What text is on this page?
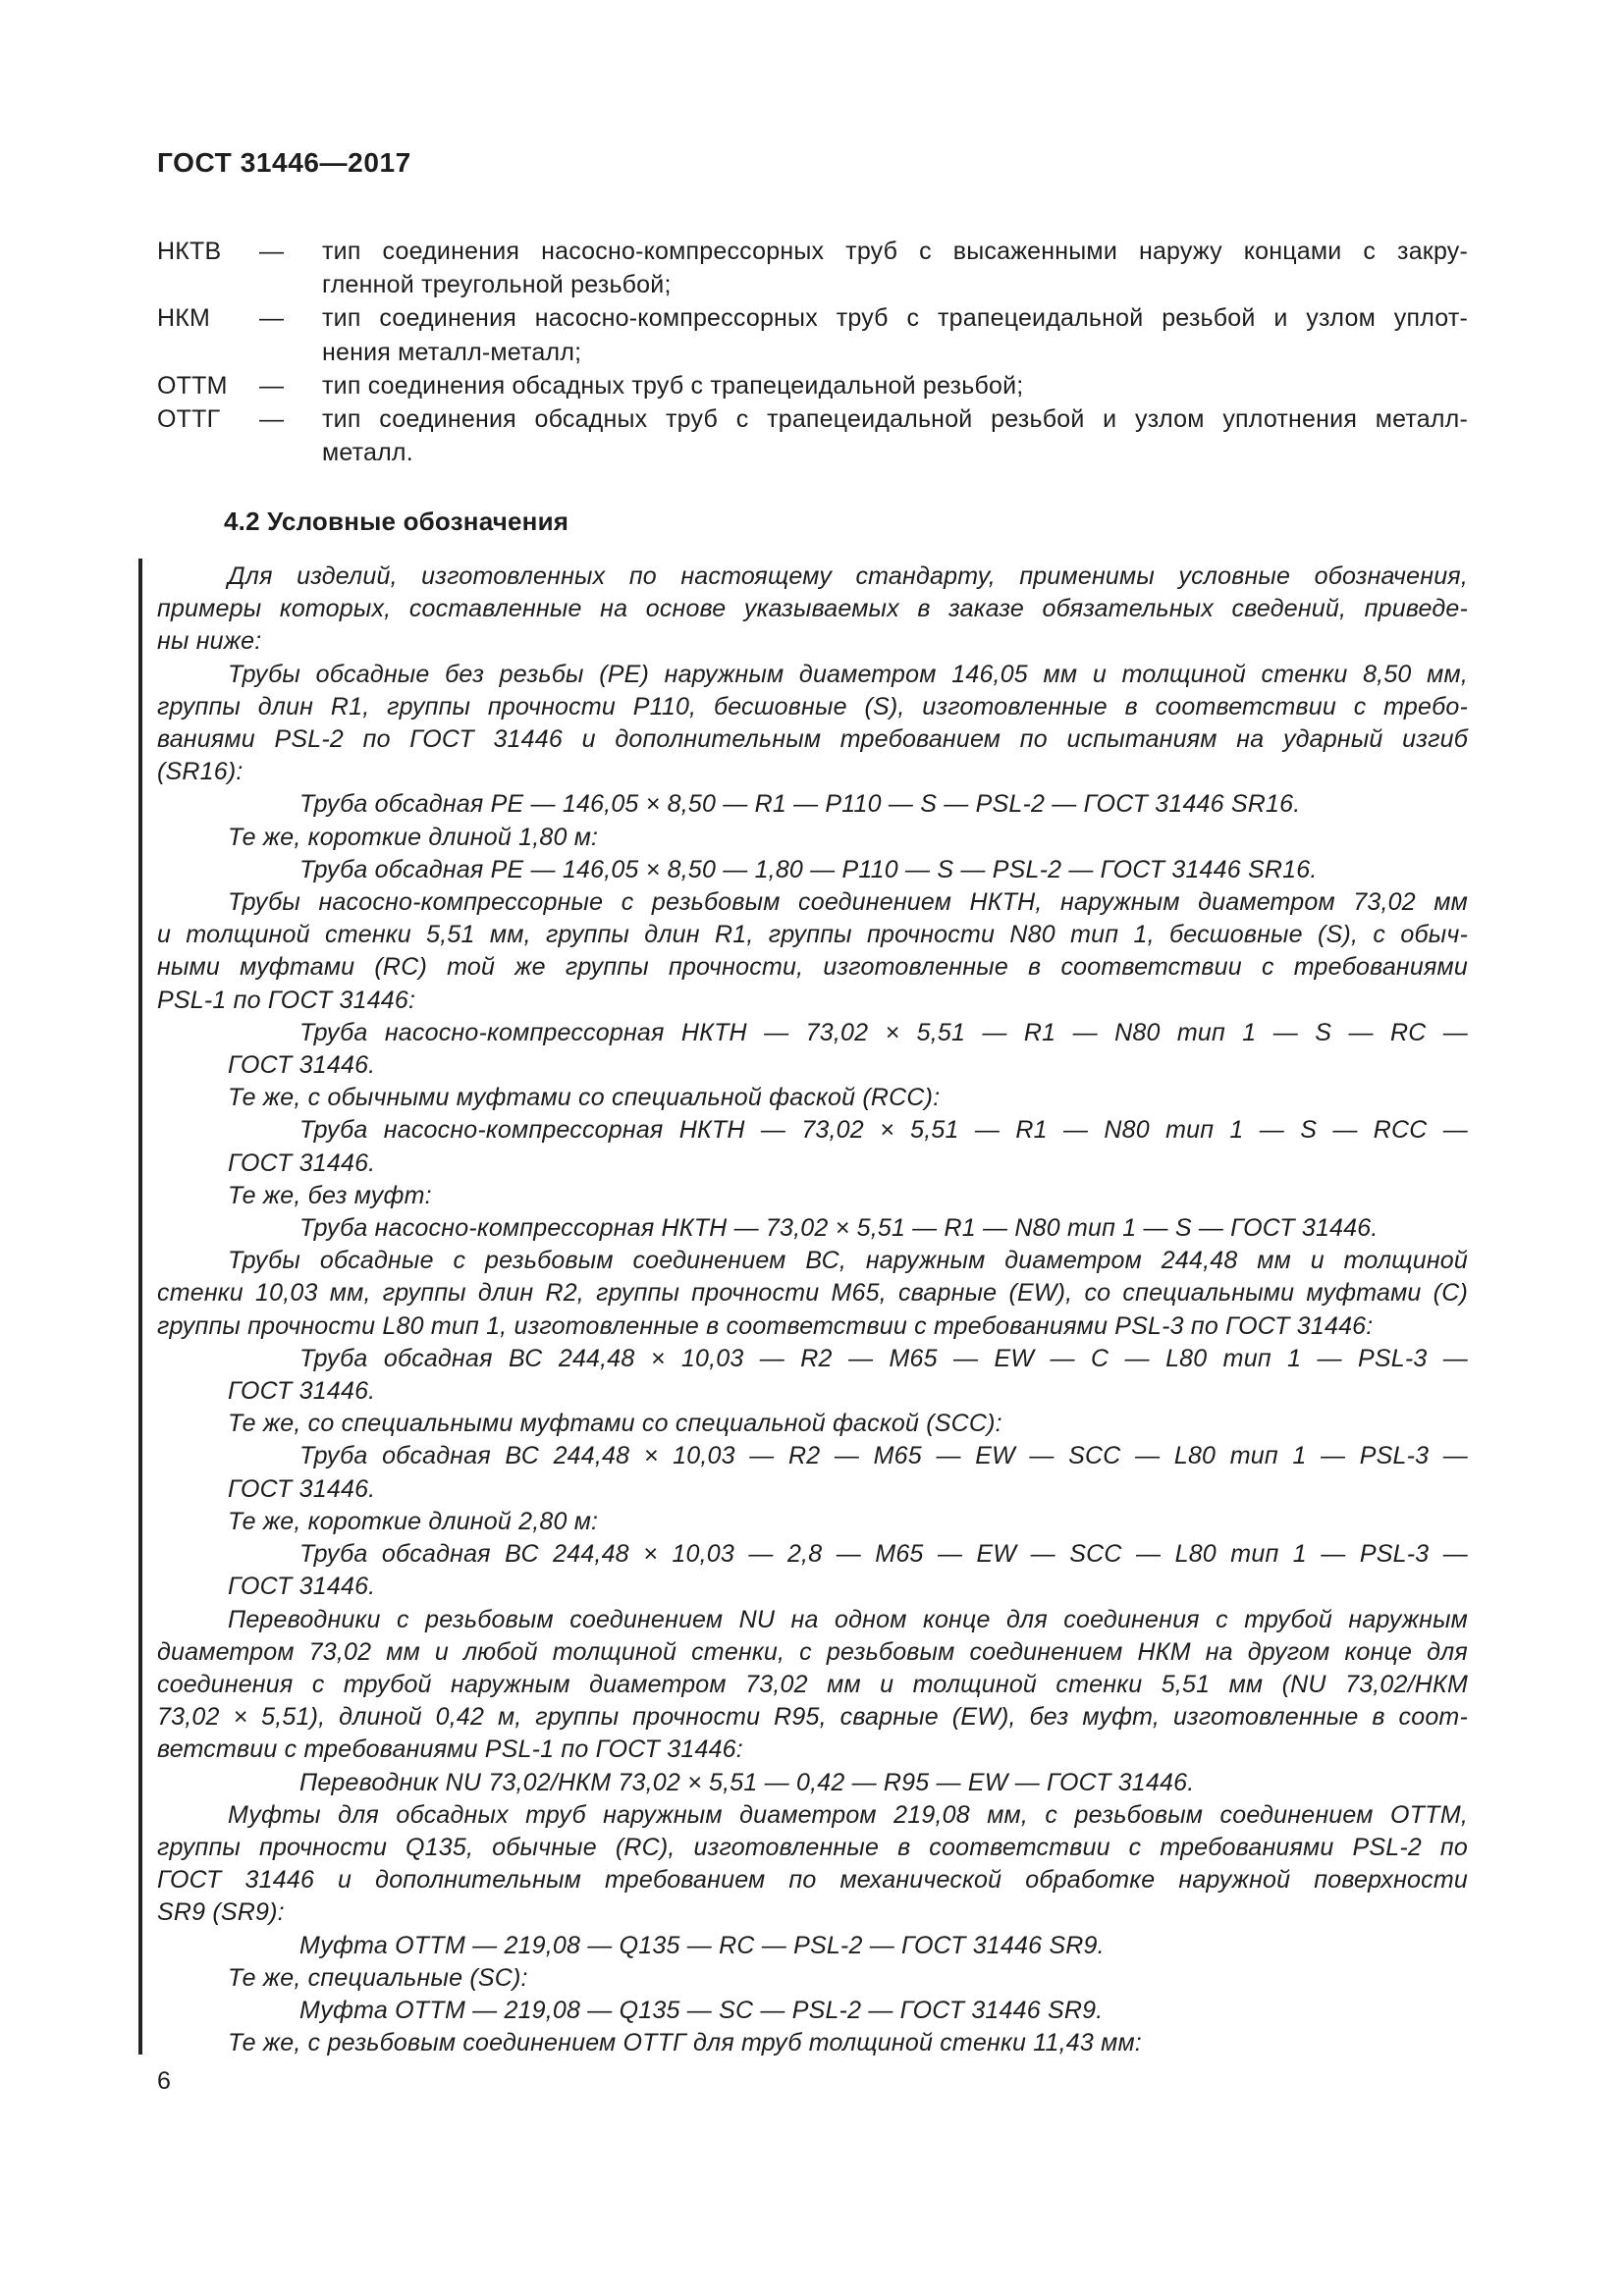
ГОСТ 31446—2017
НКТВ	—	тип соединения насосно-компрессорных труб с высаженными наружу концами с закру-
гленной треугольной резьбой;
НКМ	—	тип соединения насосно-компрессорных труб с трапецеидальной резьбой и узлом уплот-
нения металл-металл;
ОТТМ	—	тип соединения обсадных труб с трапецеидальной резьбой;
ОТТГ	—	тип соединения обсадных труб с трапецеидальной резьбой и узлом уплотнения металл-
металл.
4.2 Условные обозначения
Для изделий, изготовленных по настоящему стандарту, применимы условные обозначения,
примеры которых, составленные на основе указываемых в заказе обязательных сведений, приведе-
ны ниже:
Трубы обсадные без резьбы (PE) наружным диаметром 146,05 мм и толщиной стенки 8,50 мм,
группы длин R1, группы прочности P110, бесшовные (S), изготовленные в соответствии с требо-
ваниями PSL-2 по ГОСТ 31446 и дополнительным требованием по испытаниям на ударный изгиб
(SR16):
Труба обсадная PE — 146,05 × 8,50 — R1 — P110 — S — PSL-2 — ГОСТ 31446 SR16.
Те же, короткие длиной 1,80 м:
Труба обсадная PE — 146,05 × 8,50 — 1,80 — P110 — S — PSL-2 — ГОСТ 31446 SR16.
Трубы насосно-компрессорные с резьбовым соединением НКТН, наружным диаметром 73,02 мм
и толщиной стенки 5,51 мм, группы длин R1, группы прочности N80 тип 1, бесшовные (S), с обыч-
ными муфтами (RC) той же группы прочности, изготовленные в соответствии с требованиями
PSL-1 по ГОСТ 31446:
Труба насосно-компрессорная НКТН — 73,02 × 5,51 — R1 — N80 тип 1 — S — RC —
ГОСТ 31446.
Те же, с обычными муфтами со специальной фаской (RCC):
Труба насосно-компрессорная НКТН — 73,02 × 5,51 — R1 — N80 тип 1 — S — RCC —
ГОСТ 31446.
Те же, без муфт:
Труба насосно-компрессорная НКТН — 73,02 × 5,51 — R1 — N80 тип 1 — S — ГОСТ 31446.
Трубы обсадные с резьбовым соединением ВС, наружным диаметром 244,48 мм и толщиной
стенки 10,03 мм, группы длин R2, группы прочности М65, сварные (EW), со специальными муфтами (С)
группы прочности L80 тип 1, изготовленные в соответствии с требованиями PSL-3 по ГОСТ 31446:
Труба обсадная ВС 244,48 × 10,03 — R2 — М65 — EW — С — L80 тип 1 — PSL-3 —
ГОСТ 31446.
Те же, со специальными муфтами со специальной фаской (SCC):
Труба обсадная ВС 244,48 × 10,03 — R2 — М65 — EW — SCC — L80 тип 1 — PSL-3 —
ГОСТ 31446.
Те же, короткие длиной 2,80 м:
Труба обсадная ВС 244,48 × 10,03 — 2,8 — М65 — EW — SCC — L80 тип 1 — PSL-3 —
ГОСТ 31446.
Переводники с резьбовым соединением NU на одном конце для соединения с трубой наружным
диаметром 73,02 мм и любой толщиной стенки, с резьбовым соединением НКМ на другом конце для
соединения с трубой наружным диаметром 73,02 мм и толщиной стенки 5,51 мм (NU 73,02/НКМ
73,02 × 5,51), длиной 0,42 м, группы прочности R95, сварные (EW), без муфт, изготовленные в соот-
ветствии с требованиями PSL-1 по ГОСТ 31446:
Переводник NU 73,02/НКМ 73,02 × 5,51 — 0,42 — R95 — EW — ГОСТ 31446.
Муфты для обсадных труб наружным диаметром 219,08 мм, с резьбовым соединением ОТТМ,
группы прочности Q135, обычные (RC), изготовленные в соответствии с требованиями PSL-2 по
ГОСТ 31446 и дополнительным требованием по механической обработке наружной поверхности
SR9 (SR9):
Муфта ОТТМ — 219,08 — Q135 — RC — PSL-2 — ГОСТ 31446 SR9.
Те же, специальные (SC):
Муфта ОТТМ — 219,08 — Q135 — SC — PSL-2 — ГОСТ 31446 SR9.
Те же, с резьбовым соединением ОТТГ для труб толщиной стенки 11,43 мм:
6
